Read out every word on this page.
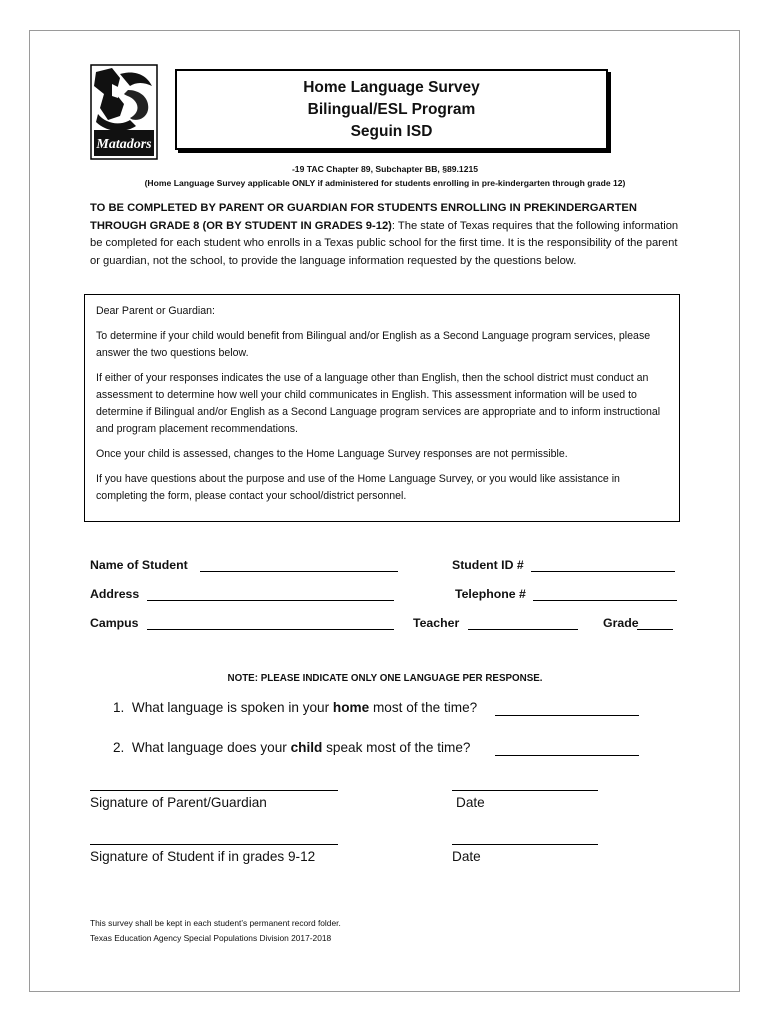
Matadors
Home Language Survey
Bilingual/ESL Program
Seguin ISD
-19 TAC Chapter 89, Subchapter BB, §89.1215
(Home Language Survey applicable ONLY if administered for students enrolling in pre-kindergarten through grade 12)
TO BE COMPLETED BY PARENT OR GUARDIAN FOR STUDENTS ENROLLING IN PREKINDERGARTEN THROUGH GRADE 8 (OR BY STUDENT IN GRADES 9-12): The state of Texas requires that the following information be completed for each student who enrolls in a Texas public school for the first time. It is the responsibility of the parent or guardian, not the school, to provide the language information requested by the questions below.

Dear Parent or Guardian:

To determine if your child would benefit from Bilingual and/or English as a Second Language program services, please answer the two questions below.

If either of your responses indicates the use of a language other than English, then the school district must conduct an assessment to determine how well your child communicates in English. This assessment information will be used to determine if Bilingual and/or English as a Second Language program services are appropriate and to inform instructional and program placement recommendations.

Once your child is assessed, changes to the Home Language Survey responses are not permissible.

If you have questions about the purpose and use of the Home Language Survey, or you would like assistance in completing the form, please contact your school/district personnel.

Name of Student	Student ID #
Address	Telephone #
Campus	Teacher	Grade
NOTE: PLEASE INDICATE ONLY ONE LANGUAGE PER RESPONSE.
1. What language is spoken in your home most of the time?
2. What language does your child speak most of the time?
Signature of Parent/Guardian	Date
Signature of Student if in grades 9-12	Date
This survey shall be kept in each student’s permanent record folder.
Texas Education Agency Special Populations Division 2017-2018
